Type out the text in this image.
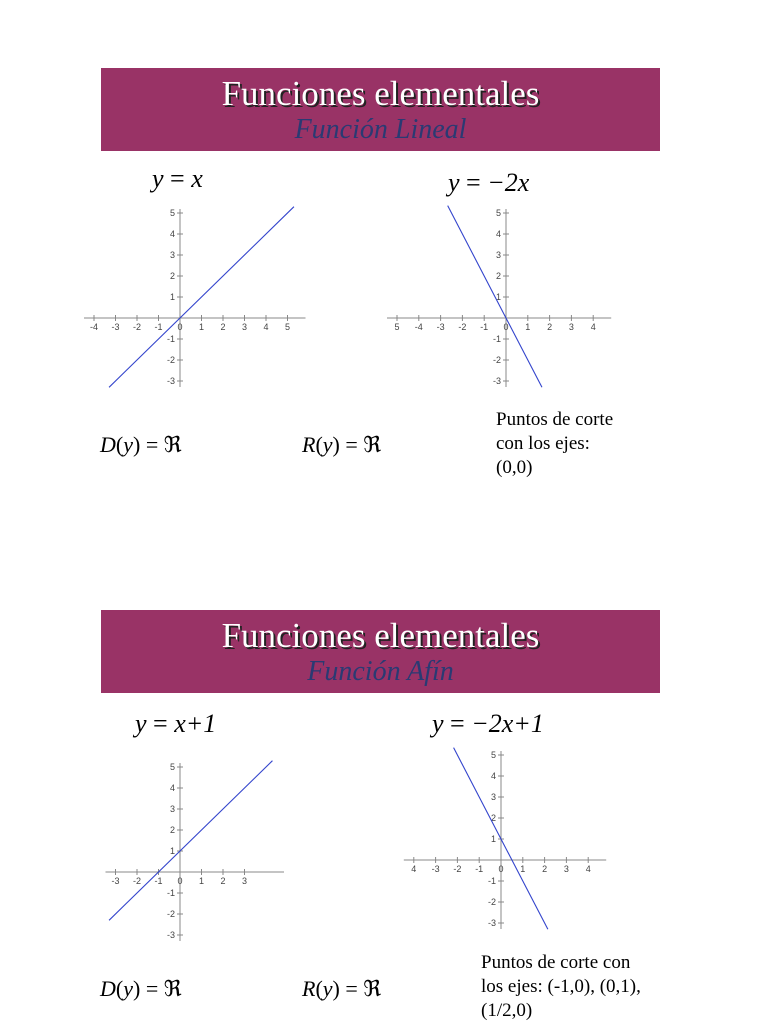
Funciones elementales
Función Lineal
y = x	y = −2x
-4 -3 -2 -1 0 1 2 3 4 5
-3
-2
-1
1
2
3
4
5
5 -4 -3 -2 -1 0 1 2 3 4
-3
-2
-1
1
2
3
4
5
D(y) = ℜ	R(y) = ℜ
Puntos de corte
con los ejes:
(0,0)
Funciones elementales
Función Afín
y = x+1	y = −2x+1
-3 -2 -1 0 1 2 3
-3
-2
-1
1
2
3
4
5
4 -3 -2 -1 0 1 2 3 4
-3
-2
-1
1
2
3
4
5
D(y) = ℜ	R(y) = ℜ
Puntos de corte con
los ejes: (-1,0), (0,1),
(1/2,0)
